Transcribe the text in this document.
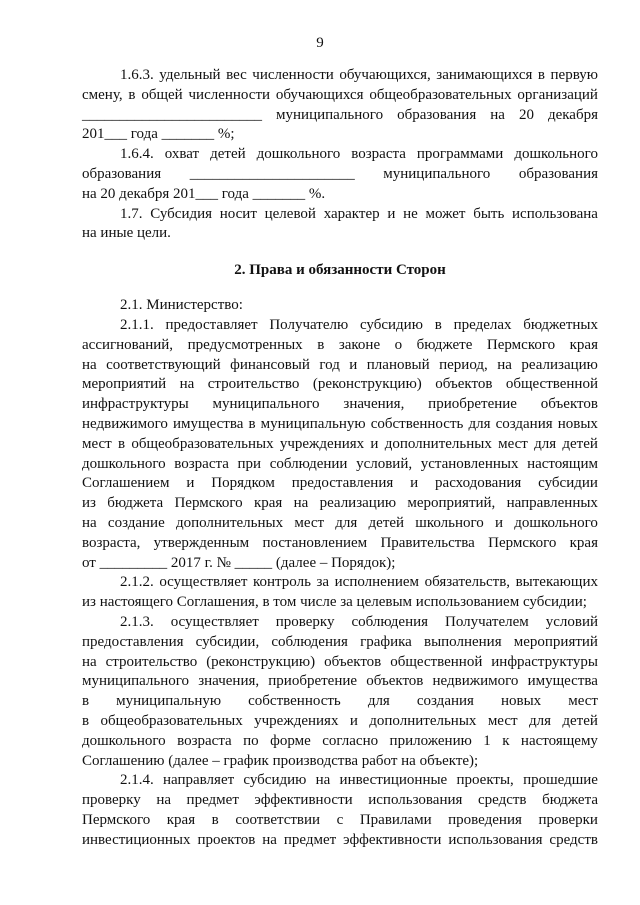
9
1.6.3. удельный вес численности обучающихся, занимающихся в первую
смену, в общей численности обучающихся общеобразовательных организаций
________________________ муниципального образования на 20 декабря
201___ года _______ %;
1.6.4. охват детей дошкольного возраста программами дошкольного
образования ______________________ муниципального образования
на 20 декабря 201___ года _______ %.
1.7. Субсидия носит целевой характер и не может быть использована
на иные цели.
2. Права и обязанности Сторон
2.1. Министерство:
2.1.1. предоставляет Получателю субсидию в пределах бюджетных
ассигнований, предусмотренных в законе о бюджете Пермского края
на соответствующий финансовый год и плановый период, на реализацию
мероприятий на строительство (реконструкцию) объектов общественной
инфраструктуры муниципального значения, приобретение объектов
недвижимого имущества в муниципальную собственность для создания новых
мест в общеобразовательных учреждениях и дополнительных мест для детей
дошкольного возраста при соблюдении условий, установленных настоящим
Соглашением и Порядком предоставления и расходования субсидии
из бюджета Пермского края на реализацию мероприятий, направленных
на создание дополнительных мест для детей школьного и дошкольного
возраста, утвержденным постановлением Правительства Пермского края
от _________ 2017 г. № _____ (далее – Порядок);
2.1.2. осуществляет контроль за исполнением обязательств, вытекающих
из настоящего Соглашения, в том числе за целевым использованием субсидии;
2.1.3. осуществляет проверку соблюдения Получателем условий
предоставления субсидии, соблюдения графика выполнения мероприятий
на строительство (реконструкцию) объектов общественной инфраструктуры
муниципального значения, приобретение объектов недвижимого имущества
в муниципальную собственность для создания новых мест
в общеобразовательных учреждениях и дополнительных мест для детей
дошкольного возраста по форме согласно приложению 1 к настоящему
Соглашению (далее – график производства работ на объекте);
2.1.4. направляет субсидию на инвестиционные проекты, прошедшие
проверку на предмет эффективности использования средств бюджета
Пермского края в соответствии с Правилами проведения проверки
инвестиционных проектов на предмет эффективности использования средств
